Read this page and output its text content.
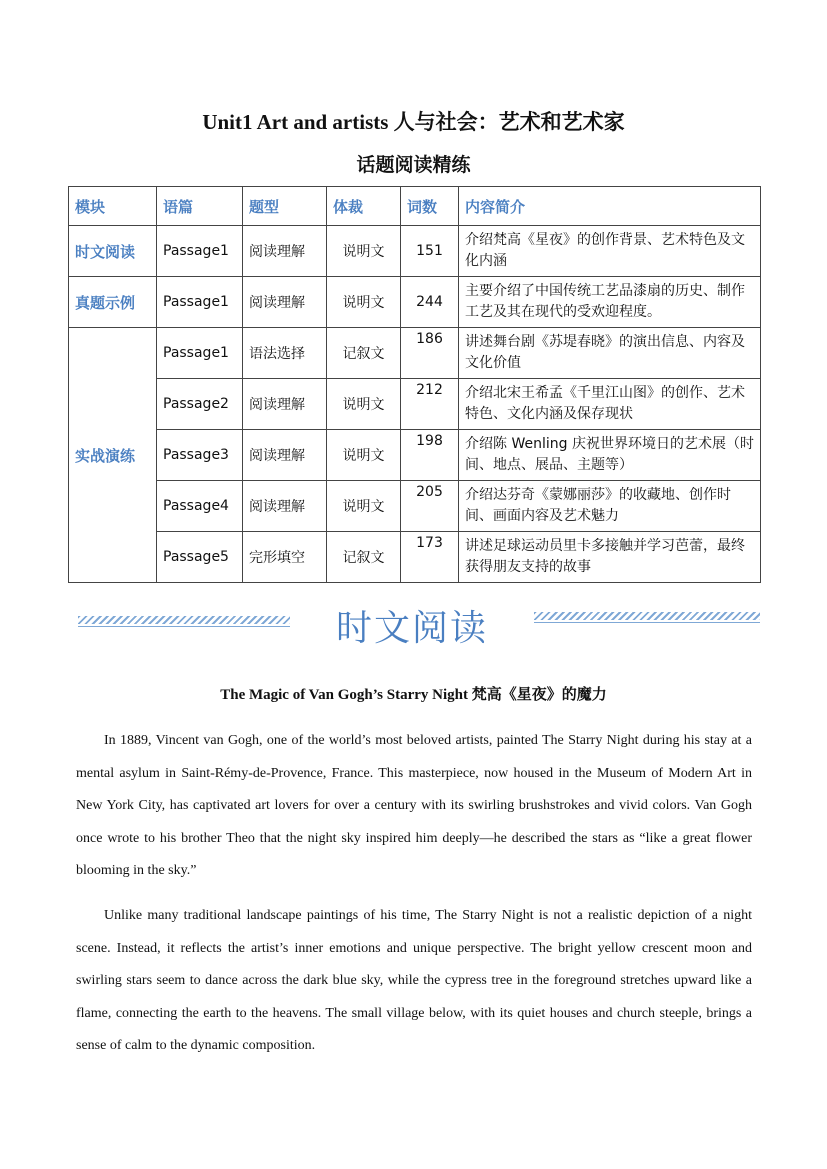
Unit1 Art and artists 人与社会：艺术和艺术家
话题阅读精练
模块	语篇	题型	体裁	词数	内容简介
时文阅读	Passage1	阅读理解	说明文	151	介绍梵高《星夜》的创作背景、艺术特色及文化内涵
真题示例	Passage1	阅读理解	说明文	244	主要介绍了中国传统工艺品漆扇的历史、制作工艺及其在现代的受欢迎程度。
实战演练	Passage1	语法选择	记叙文	186	讲述舞台剧《苏堤春晓》的演出信息、内容及文化价值
	Passage2	阅读理解	说明文	212	介绍北宋王希孟《千里江山图》的创作、艺术特色、文化内涵及保存现状
	Passage3	阅读理解	说明文	198	介绍陈 Wenling 庆祝世界环境日的艺术展（时间、地点、展品、主题等）
	Passage4	阅读理解	说明文	205	介绍达芬奇《蒙娜丽莎》的收藏地、创作时间、画面内容及艺术魅力
	Passage5	完形填空	记叙文	173	讲述足球运动员里卡多接触并学习芭蕾，最终获得朋友支持的故事
时文阅读
The Magic of Van Gogh’s Starry Night 梵高《星夜》的魔力

In 1889, Vincent van Gogh, one of the world’s most beloved artists, painted The Starry Night during his stay at a mental asylum in Saint-Rémy-de-Provence, France. This masterpiece, now housed in the Museum of Modern Art in New York City, has captivated art lovers for over a century with its swirling brushstrokes and vivid colors. Van Gogh once wrote to his brother Theo that the night sky inspired him deeply—he described the stars as “like a great flower blooming in the sky.”

Unlike many traditional landscape paintings of his time, The Starry Night is not a realistic depiction of a night scene. Instead, it reflects the artist’s inner emotions and unique perspective. The bright yellow crescent moon and swirling stars seem to dance across the dark blue sky, while the cypress tree in the foreground stretches upward like a flame, connecting the earth to the heavens. The small village below, with its quiet houses and church steeple, brings a sense of calm to the dynamic composition.
